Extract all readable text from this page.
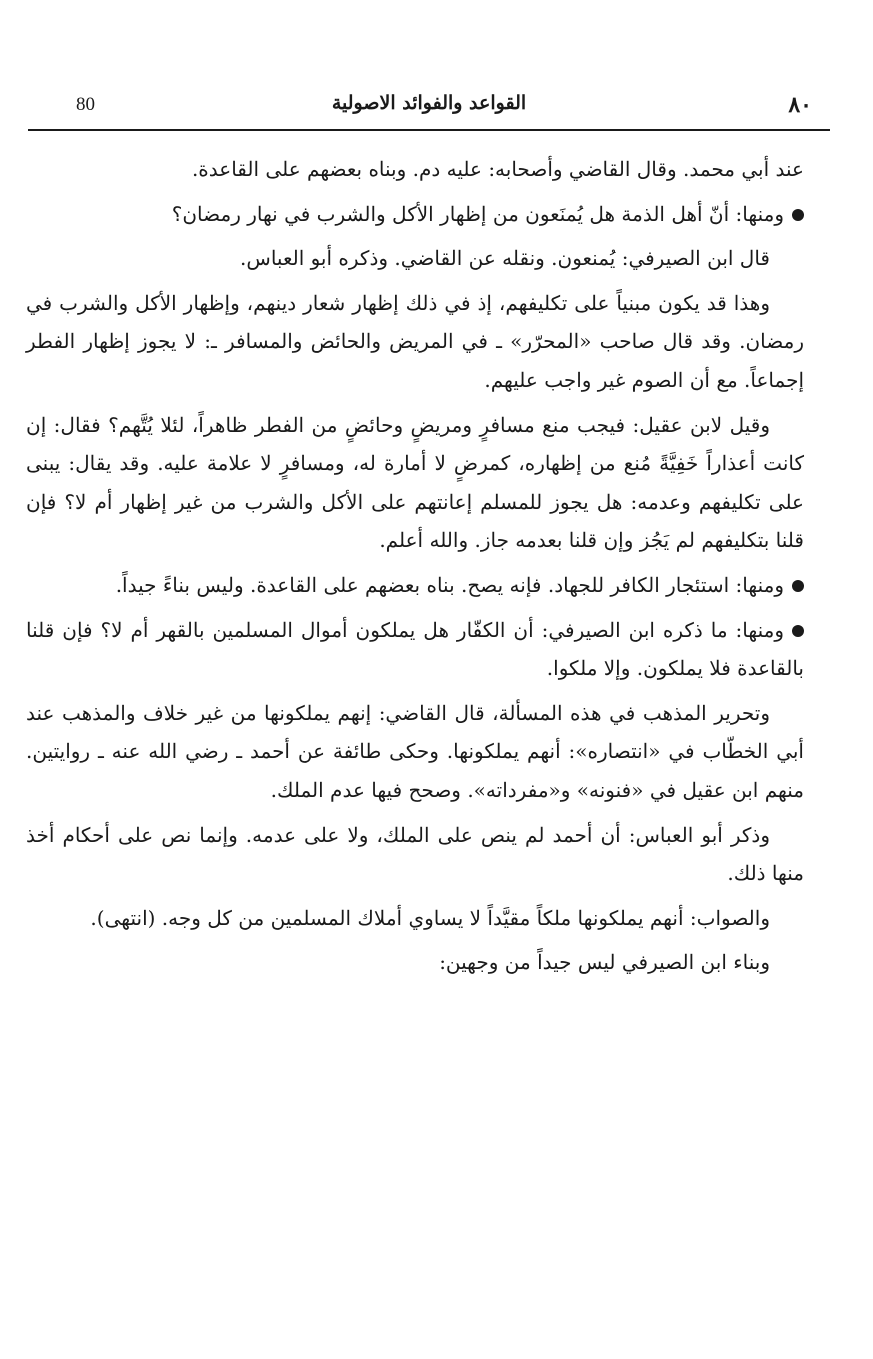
٨٠
القواعد والفوائد الاصولية
80

عند أبي محمد. وقال القاضي وأصحابه: عليه دم. وبناه بعضهم على القاعدة.

ومنها: أنّ أهل الذمة هل يُمنَعون من إظهار الأكل والشرب في نهار رمضان؟

قال ابن الصيرفي: يُمنعون. ونقله عن القاضي. وذكره أبو العباس.

وهذا قد يكون مبنياً على تكليفهم، إذ في ذلك إظهار شعار دينهم، وإظهار الأكل والشرب في رمضان. وقد قال صاحب «المحرّر» ـ في المريض والحائض والمسافر ـ: لا يجوز إظهار الفطر إجماعاً. مع أن الصوم غير واجب عليهم.

وقيل لابن عقيل: فيجب منع مسافرٍ ومريضٍ وحائضٍ من الفطر ظاهراً، لئلا يُتَّهم؟ فقال: إن كانت أعذاراً خَفِيَّةً مُنع من إظهاره، كمرضٍ لا أمارة له، ومسافرٍ لا علامة عليه. وقد يقال: يبنى على تكليفهم وعدمه: هل يجوز للمسلم إعانتهم على الأكل والشرب من غير إظهار أم لا؟ فإن قلنا بتكليفهم لم يَجُز وإن قلنا بعدمه جاز. والله أعلم.

ومنها: استئجار الكافر للجهاد. فإنه يصح. بناه بعضهم على القاعدة. وليس بناءً جيداً.

ومنها: ما ذكره ابن الصيرفي: أن الكفّار هل يملكون أموال المسلمين بالقهر أم لا؟ فإن قلنا بالقاعدة فلا يملكون. وإلا ملكوا.

وتحرير المذهب في هذه المسألة، قال القاضي: إنهم يملكونها من غير خلاف والمذهب عند أبي الخطّاب في «انتصاره»: أنهم يملكونها. وحكى طائفة عن أحمد ـ رضي الله عنه ـ روايتين. منهم ابن عقيل في «فنونه» و«مفرداته». وصحح فيها عدم الملك.

وذكر أبو العباس: أن أحمد لم ينص على الملك، ولا على عدمه. وإنما نص على أحكام أخذ منها ذلك.

والصواب: أنهم يملكونها ملكاً مقيَّداً لا يساوي أملاك المسلمين من كل وجه. (انتهى).

وبناء ابن الصيرفي ليس جيداً من وجهين:
